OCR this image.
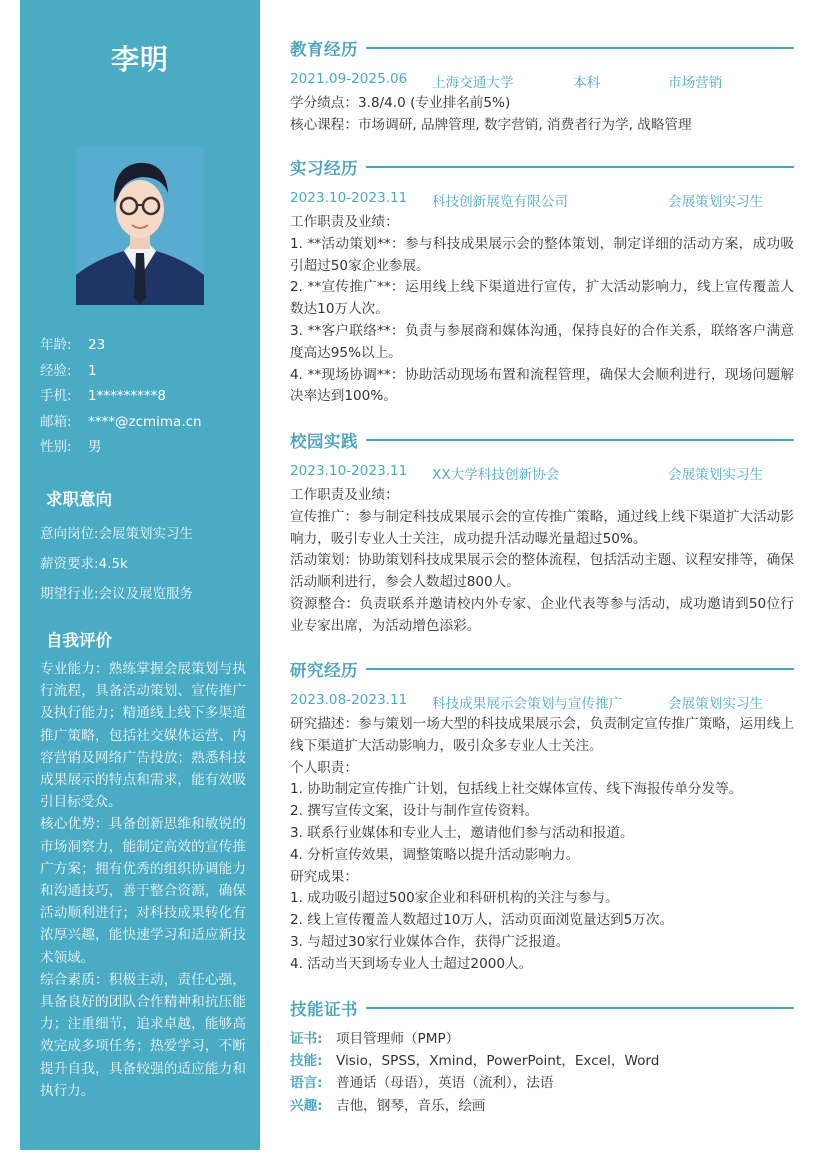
李明
年龄: 23
经验: 1
手机: 1*********8
邮箱: ****@zcmima.cn
性别: 男
求职意向
意向岗位:会展策划实习生
薪资要求:4.5k
期望行业:会议及展览服务
自我评价

专业能力：熟练掌握会展策划与执行流程，具备活动策划、宣传推广及执行能力；精通线上线下多渠道推广策略，包括社交媒体运营、内容营销及网络广告投放；熟悉科技成果展示的特点和需求，能有效吸引目标受众。

核心优势：具备创新思维和敏锐的市场洞察力，能制定高效的宣传推广方案；拥有优秀的组织协调能力和沟通技巧，善于整合资源，确保活动顺利进行；对科技成果转化有浓厚兴趣，能快速学习和适应新技术领域。

综合素质：积极主动，责任心强，具备良好的团队合作精神和抗压能力；注重细节，追求卓越，能够高效完成多项任务；热爱学习，不断提升自我，具备较强的适应能力和执行力。

教育经历
2021.09-2025.06 上海交通大学	本科	市场营销

学分绩点：3.8/4.0 (专业排名前5%)

核心课程：市场调研, 品牌管理, 数字营销, 消费者行为学, 战略管理

实习经历
2023.10-2023.11 科技创新展览有限公司	会展策划实习生

工作职责及业绩：

1. **活动策划**：参与科技成果展示会的整体策划，制定详细的活动方案，成功吸引超过50家企业参展。

2. **宣传推广**：运用线上线下渠道进行宣传，扩大活动影响力，线上宣传覆盖人数达10万人次。

3. **客户联络**：负责与参展商和媒体沟通，保持良好的合作关系，联络客户满意度高达95%以上。

4. **现场协调**：协助活动现场布置和流程管理，确保大会顺利进行，现场问题解决率达到100%。

校园实践
2023.10-2023.11 XX大学科技创新协会	会展策划实习生

工作职责及业绩：

宣传推广：参与制定科技成果展示会的宣传推广策略，通过线上线下渠道扩大活动影响力，吸引专业人士关注，成功提升活动曝光量超过50%。

活动策划：协助策划科技成果展示会的整体流程，包括活动主题、议程安排等，确保活动顺利进行，参会人数超过800人。

资源整合：负责联系并邀请校内外专家、企业代表等参与活动，成功邀请到50位行业专家出席，为活动增色添彩。

研究经历
2023.08-2023.11 科技成果展示会策划与宣传推广	会展策划实习生

研究描述：参与策划一场大型的科技成果展示会，负责制定宣传推广策略，运用线上线下渠道扩大活动影响力，吸引众多专业人士关注。

个人职责：

1. 协助制定宣传推广计划，包括线上社交媒体宣传、线下海报传单分发等。

2. 撰写宣传文案，设计与制作宣传资料。

3. 联系行业媒体和专业人士，邀请他们参与活动和报道。

4. 分析宣传效果，调整策略以提升活动影响力。

研究成果：

1. 成功吸引超过500家企业和科研机构的关注与参与。

2. 线上宣传覆盖人数超过10万人，活动页面浏览量达到5万次。

3. 与超过30家行业媒体合作，获得广泛报道。

4. 活动当天到场专业人士超过2000人。

技能证书
证书: 项目管理师（PMP）
技能: Visio，SPSS，Xmind，PowerPoint，Excel，Word
语言: 普通话（母语），英语（流利），法语
兴趣: 吉他，钢琴，音乐，绘画
